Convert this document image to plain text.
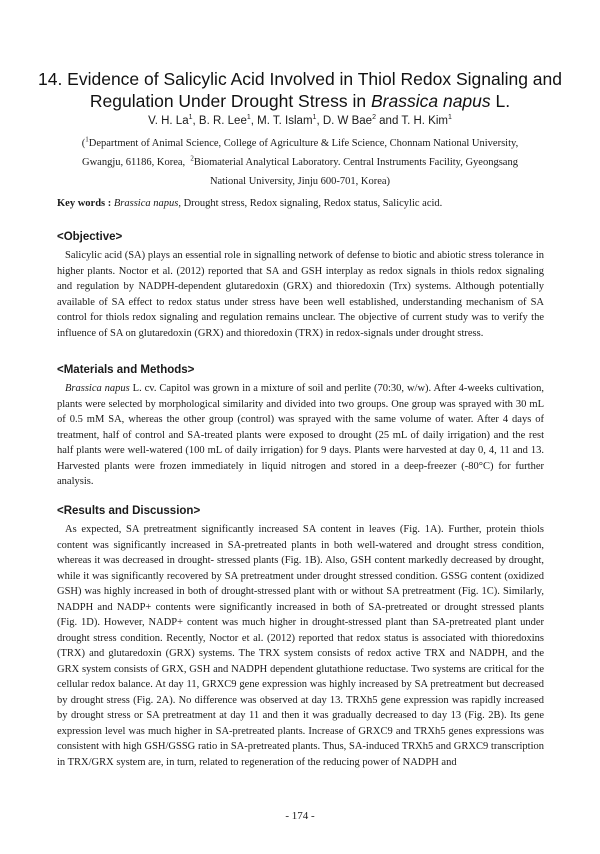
14. Evidence of Salicylic Acid Involved in Thiol Redox Signaling and
Regulation Under Drought Stress in Brassica napus L.
V. H. La$^1$, B. R. Lee$^1$, M. T. Islam$^1$, D. W Bae$^2$ and T. H. Kim$^1$
($^1$Department of Animal Science, College of Agriculture & Life Science, Chonnam National University,
Gwangju, 61186, Korea, $^2$Biomaterial Analytical Laboratory. Central Instruments Facility, Gyeongsang
National University, Jinju 600-701, Korea)
Key words : Brassica napus, Drought stress, Redox signaling, Redox status, Salicylic acid.
<Objective>

Salicylic acid (SA) plays an essential role in signalling network of defense to biotic and abiotic stress tolerance in higher plants. Noctor et al. (2012) reported that SA and GSH interplay as redox signals in thiols redox signaling and regulation by NADPH-dependent glutaredoxin (GRX) and thioredoxin (Trx) systems. Although potentially available of SA effect to redox status under stress have been well established, understanding mechanism of SA control for thiols redox signaling and regulation remains unclear. The objective of current study was to verify the influence of SA on glutaredoxin (GRX) and thioredoxin (TRX) in redox-signals under drought stress.

<Materials and Methods>

Brassica napus L. cv. Capitol was grown in a mixture of soil and perlite (70:30, w/w). After 4-weeks cultivation, plants were selected by morphological similarity and divided into two groups. One group was sprayed with 30 mL of 0.5 mM SA, whereas the other group (control) was sprayed with the same volume of water. After 4 days of treatment, half of control and SA-treated plants were exposed to drought (25 mL of daily irrigation) and the rest half plants were well-watered (100 mL of daily irrigation) for 9 days. Plants were harvested at day 0, 4, 11 and 13. Harvested plants were frozen immediately in liquid nitrogen and stored in a deep-freezer (-80°C) for further analysis.

<Results and Discussion>

As expected, SA pretreatment significantly increased SA content in leaves (Fig. 1A). Further, protein thiols content was significantly increased in SA-pretreated plants in both well-watered and drought stress condition, whereas it was decreased in drought- stressed plants (Fig. 1B). Also, GSH content markedly decreased by drought, while it was significantly recovered by SA pretreatment under drought stressed condition. GSSG content (oxidized GSH) was highly increased in both of drought-stressed plant with or without SA pretreatment (Fig. 1C). Similarly, NADPH and NADP+ contents were significantly increased in both of SA-pretreated or drought stressed plants (Fig. 1D). However, NADP+ content was much higher in drought-stressed plant than SA-pretreated plant under drought stress condition. Recently, Noctor et al. (2012) reported that redox status is associated with thioredoxins (TRX) and glutaredoxin (GRX) systems. The TRX system consists of redox active TRX and NADPH, and the GRX system consists of GRX, GSH and NADPH dependent glutathione reductase. Two systems are critical for the cellular redox balance. At day 11, GRXC9 gene expression was highly increased by SA pretreatment but decreased by drought stress (Fig. 2A). No difference was observed at day 13. TRXh5 gene expression was rapidly increased by drought stress or SA pretreatment at day 11 and then it was gradually decreased to day 13 (Fig. 2B). Its gene expression level was much higher in SA-pretreated plants. Increase of GRXC9 and TRXh5 genes expressions was consistent with high GSH/GSSG ratio in SA-pretreated plants. Thus, SA-induced TRXh5 and GRXC9 transcription in TRX/GRX system are, in turn, related to regeneration of the reducing power of NADPH and

- 174 -
